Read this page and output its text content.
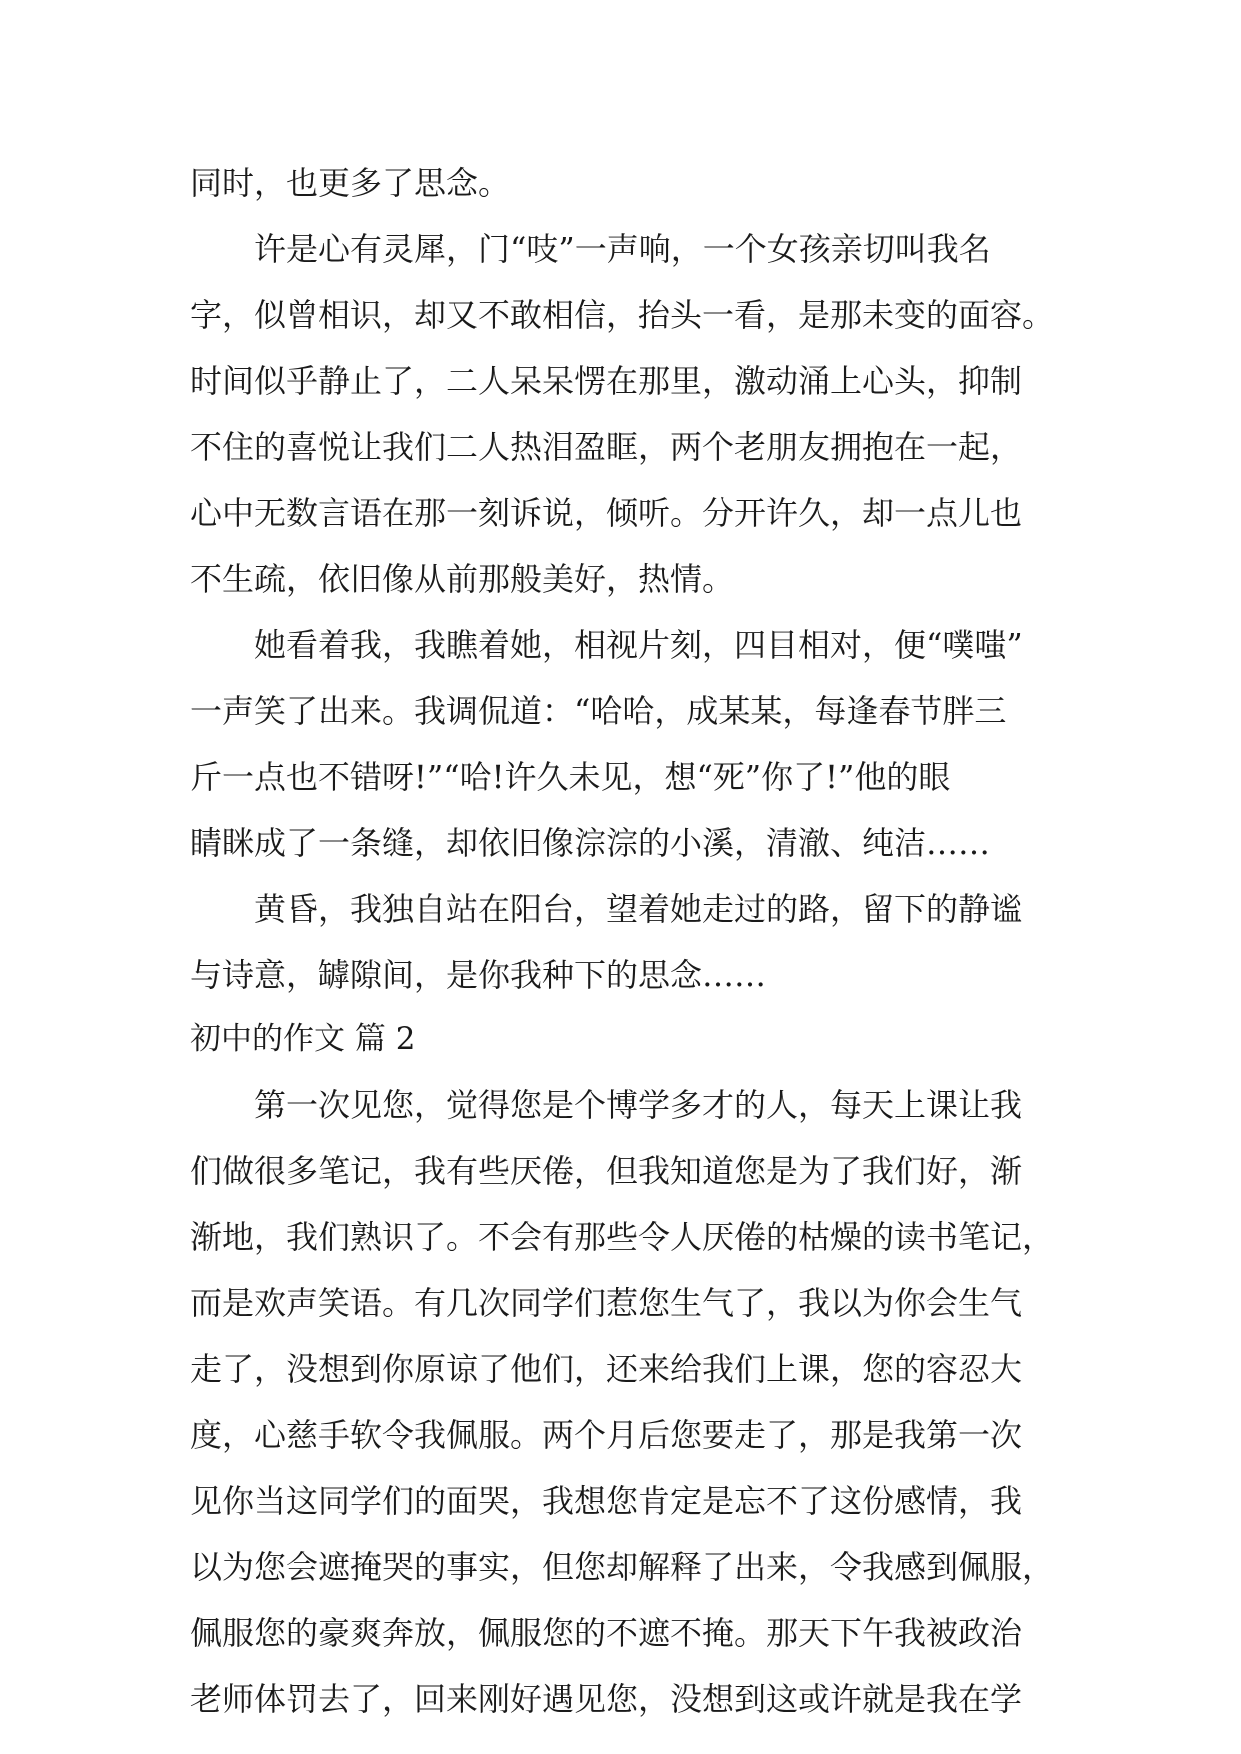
同时，也更多了思念。
许是心有灵犀，门“吱”一声响，一个女孩亲切叫我名
字，似曾相识，却又不敢相信，抬头一看，是那未变的面容。
时间似乎静止了，二人呆呆愣在那里，激动涌上心头，抑制
不住的喜悦让我们二人热泪盈眶，两个老朋友拥抱在一起，
心中无数言语在那一刻诉说，倾听。分开许久，却一点儿也
不生疏，依旧像从前那般美好，热情。
她看着我，我瞧着她，相视片刻，四目相对，便“噗嗤”
一声笑了出来。我调侃道：“哈哈，成某某，每逢春节胖三
斤一点也不错呀!”“哈!许久未见，想“死”你了!”他的眼
睛眯成了一条缝，却依旧像淙淙的小溪，清澈、纯洁……
黄昏，我独自站在阳台，望着她走过的路，留下的静谧
与诗意，罅隙间，是你我种下的思念……
初中的作文 篇 2
第一次见您，觉得您是个博学多才的人，每天上课让我
们做很多笔记，我有些厌倦，但我知道您是为了我们好，渐
渐地，我们熟识了。不会有那些令人厌倦的枯燥的读书笔记，
而是欢声笑语。有几次同学们惹您生气了，我以为你会生气
走了，没想到你原谅了他们，还来给我们上课，您的容忍大
度，心慈手软令我佩服。两个月后您要走了，那是我第一次
见你当这同学们的面哭，我想您肯定是忘不了这份感情，我
以为您会遮掩哭的事实，但您却解释了出来，令我感到佩服，
佩服您的豪爽奔放，佩服您的不遮不掩。那天下午我被政治
老师体罚去了，回来刚好遇见您，没想到这或许就是我在学
